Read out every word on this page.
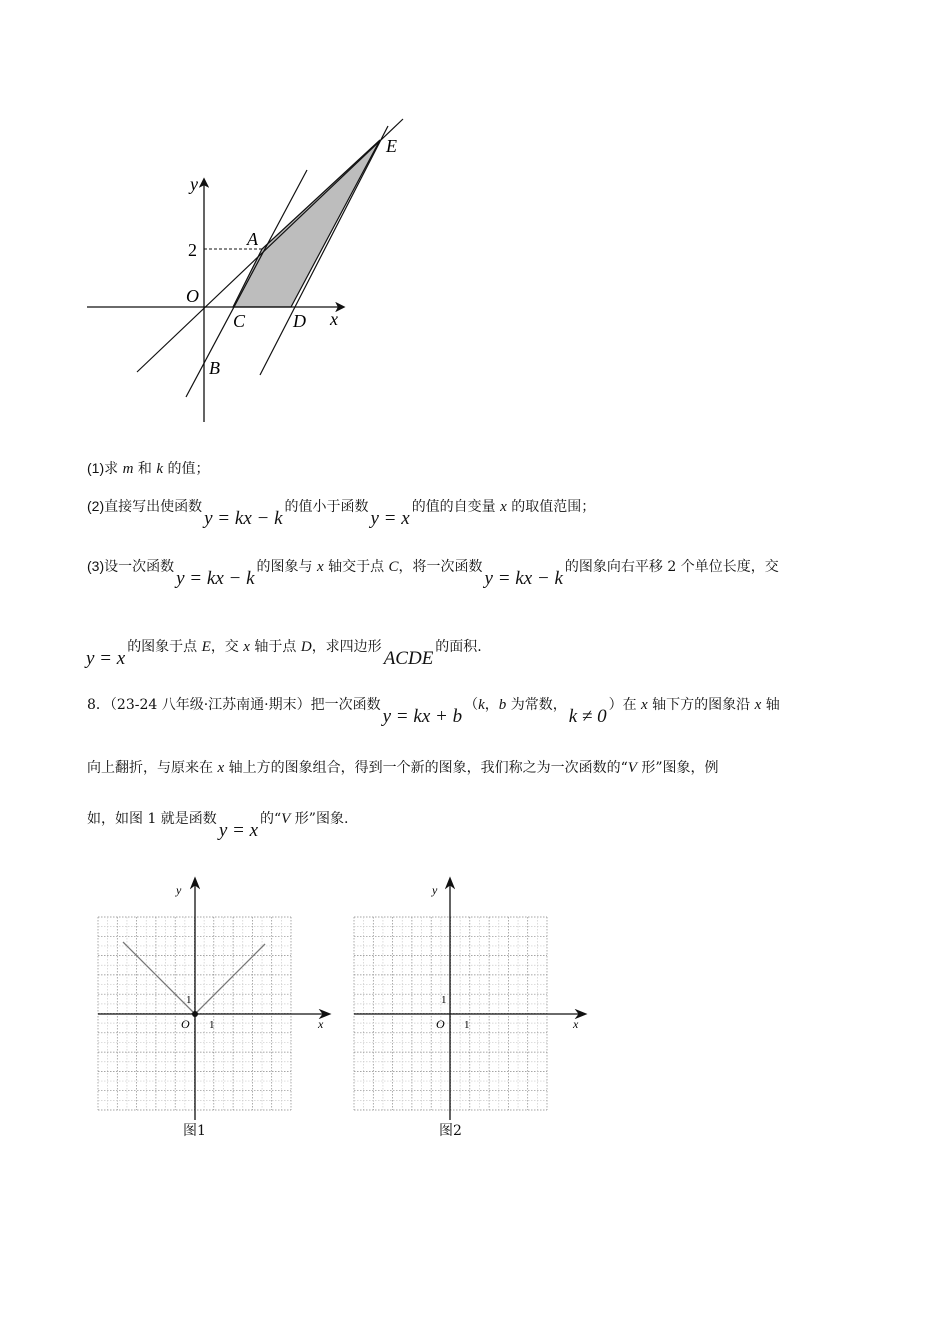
y
x
O
A
B
C	D
E
2
(1)求 m 和 k 的值；
(2)直接写出使函数y = kx − k的值小于函数y = x的值的自变量 x 的取值范围；
(3)设一次函数y = kx − k的图象与 x 轴交于点 C，将一次函数y = kx − k的图象向右平移 2 个单位长度，交
y = x的图象于点 E，交 x 轴于点 D，求四边形ACDE的面积.
8．（23-24 八年级·江苏南通·期末）把一次函数y = kx + b（k，b 为常数，k ≠ 0）在 x 轴下方的图象沿 x 轴
向上翻折，与原来在 x 轴上方的图象组合，得到一个新的图象，我们称之为一次函数的“V 形”图象，例
如，如图 1 就是函数y = x的“V 形”图象.
y
x
O
y
x
O
1
1
1
1
图1	图2
